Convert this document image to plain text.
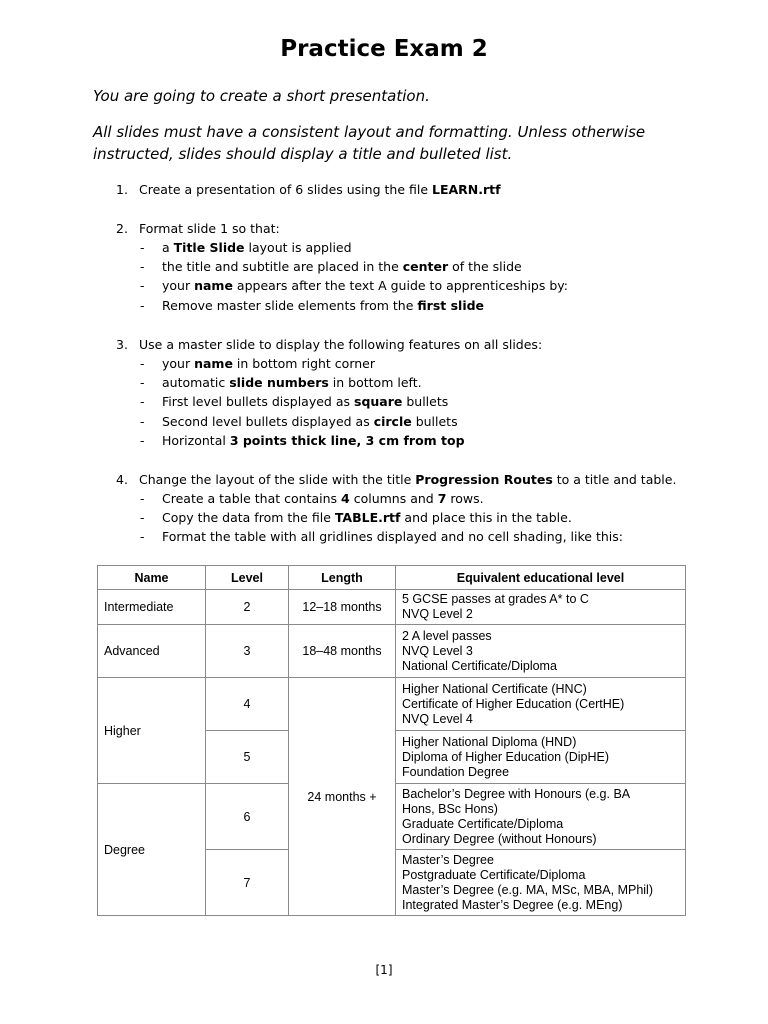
Practice Exam 2
You are going to create a short presentation.
All slides must have a consistent layout and formatting. Unless otherwise instructed, slides should display a title and bulleted list.
1. Create a presentation of 6 slides using the file LEARN.rtf
2. Format slide 1 so that:
- a Title Slide layout is applied
- the title and subtitle are placed in the center of the slide
- your name appears after the text A guide to apprenticeships by:
- Remove master slide elements from the first slide
3. Use a master slide to display the following features on all slides:
- your name in bottom right corner
- automatic slide numbers in bottom left.
- First level bullets displayed as square bullets
- Second level bullets displayed as circle bullets
- Horizontal 3 points thick line, 3 cm from top
4. Change the layout of the slide with the title Progression Routes to a title and table.
- Create a table that contains 4 columns and 7 rows.
- Copy the data from the file TABLE.rtf and place this in the table.
- Format the table with all gridlines displayed and no cell shading, like this:
Name	Level	Length	Equivalent educational level
Intermediate	2	12–18 months	5 GCSE passes at grades A* to C
NVQ Level 2

Advanced	3	18–48 months	2 A level passes
NVQ Level 3
National Certificate/Diploma

Higher	4	24 months +	Higher National Certificate (HNC)
Certificate of Higher Education (CertHE)
NVQ Level 4

	5		Higher National Diploma (HND)
Diploma of Higher Education (DipHE)
Foundation Degree

Degree	6		Bachelor’s Degree with Honours (e.g. BA
Hons, BSc Hons)
Graduate Certificate/Diploma
Ordinary Degree (without Honours)

	7		Master’s Degree
Postgraduate Certificate/Diploma
Master’s Degree (e.g. MA, MSc, MBA, MPhil)
Integrated Master’s Degree (e.g. MEng)
[1]
